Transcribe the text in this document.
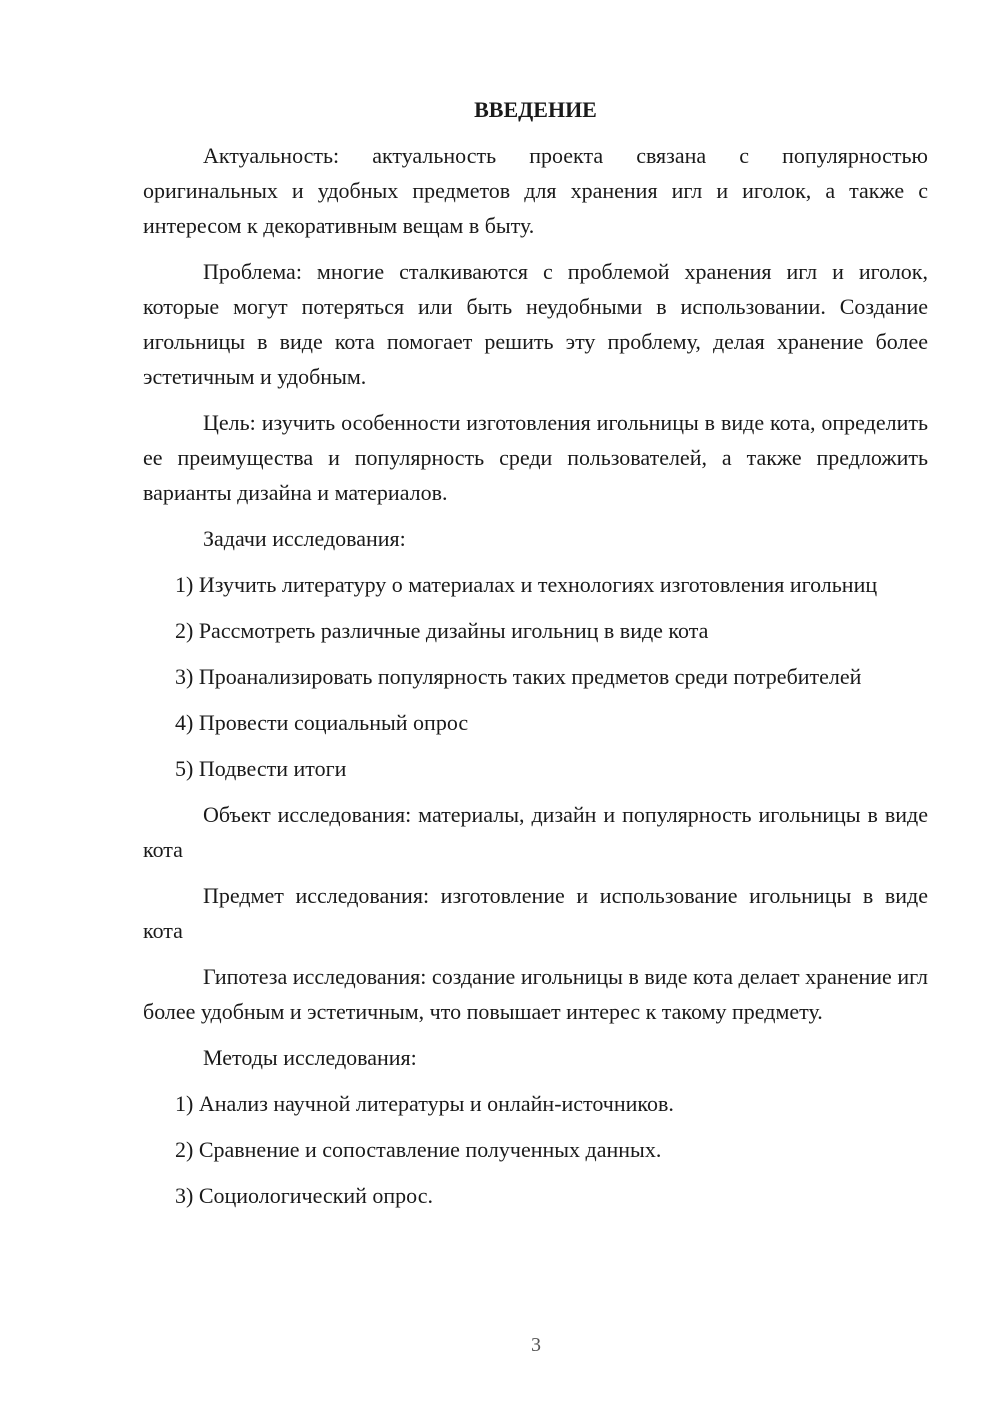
ВВЕДЕНИЕ

Актуальность: актуальность проекта связана с популярностью оригинальных и удобных предметов для хранения игл и иголок, а также с интересом к декоративным вещам в быту.

Проблема: многие сталкиваются с проблемой хранения игл и иголок, которые могут потеряться или быть неудобными в использовании. Создание игольницы в виде кота помогает решить эту проблему, делая хранение более эстетичным и удобным.

Цель: изучить особенности изготовления игольницы в виде кота, определить ее преимущества и популярность среди пользователей, а также предложить варианты дизайна и материалов.

Задачи исследования:

1) Изучить литературу о материалах и технологиях изготовления игольниц

2) Рассмотреть различные дизайны игольниц в виде кота

3) Проанализировать популярность таких предметов среди потребителей

4) Провести социальный опрос

5) Подвести итоги

Объект исследования: материалы, дизайн и популярность игольницы в виде кота

Предмет исследования: изготовление и использование игольницы в виде кота

Гипотеза исследования: создание игольницы в виде кота делает хранение игл более удобным и эстетичным, что повышает интерес к такому предмету.

Методы исследования:

1) Анализ научной литературы и онлайн-источников.

2) Сравнение и сопоставление полученных данных.

3) Социологический опрос.

3
